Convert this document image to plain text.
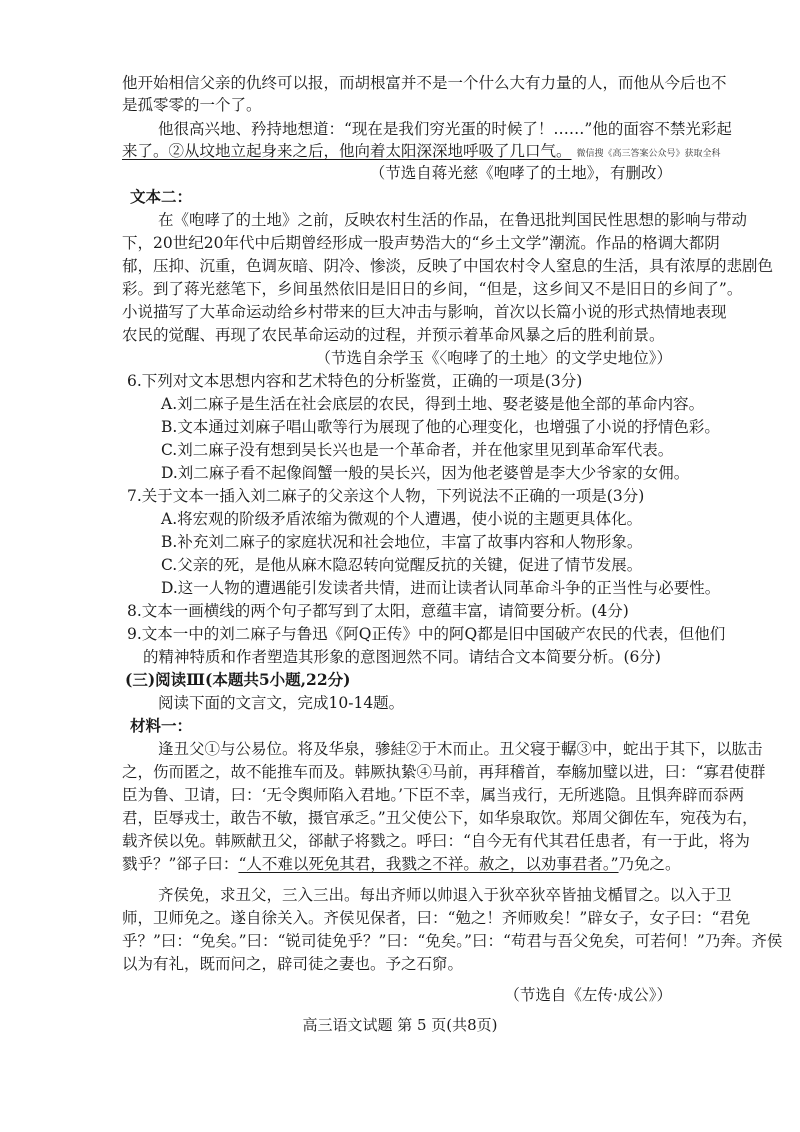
他开始相信父亲的仇终可以报，而胡根富并不是一个什么大有力量的人，而他从今后也不
是孤零零的一个了。
他很高兴地、矜持地想道：“现在是我们穷光蛋的时候了！……”他的面容不禁光彩起
来了。②从坟地立起身来之后，他向着太阳深深地呼吸了几口气。 微信搜《高三答案公众号》获取全科
（节选自蒋光慈《咆哮了的土地》，有删改）
文本二：
在《咆哮了的土地》之前，反映农村生活的作品，在鲁迅批判国民性思想的影响与带动
下，20世纪20年代中后期曾经形成一股声势浩大的“乡土文学”潮流。作品的格调大都阴
郁，压抑、沉重，色调灰暗、阴冷、惨淡，反映了中国农村令人窒息的生活，具有浓厚的悲剧色
彩。到了蒋光慈笔下，乡间虽然依旧是旧日的乡间，“但是，这乡间又不是旧日的乡间了”。
小说描写了大革命运动给乡村带来的巨大冲击与影响，首次以长篇小说的形式热情地表现
农民的觉醒、再现了农民革命运动的过程，并预示着革命风暴之后的胜利前景。
（节选自余学玉《〈咆哮了的土地〉的文学史地位》）
6.下列对文本思想内容和艺术特色的分析鉴赏，正确的一项是(3分)
A.刘二麻子是生活在社会底层的农民，得到土地、娶老婆是他全部的革命内容。
B.文本通过刘麻子唱山歌等行为展现了他的心理变化，也增强了小说的抒情色彩。
C.刘二麻子没有想到吴长兴也是一个革命者，并在他家里见到革命军代表。
D.刘二麻子看不起像阎蟹一般的吴长兴，因为他老婆曾是李大少爷家的女佣。
7.关于文本一插入刘二麻子的父亲这个人物，下列说法不正确的一项是(3分)
A.将宏观的阶级矛盾浓缩为微观的个人遭遇，使小说的主题更具体化。
B.补充刘二麻子的家庭状况和社会地位，丰富了故事内容和人物形象。
C.父亲的死，是他从麻木隐忍转向觉醒反抗的关键，促进了情节发展。
D.这一人物的遭遇能引发读者共情，进而让读者认同革命斗争的正当性与必要性。
8.文本一画横线的两个句子都写到了太阳，意蕴丰富，请简要分析。(4分)
9.文本一中的刘二麻子与鲁迅《阿Q正传》中的阿Q都是旧中国破产农民的代表，但他们
的精神特质和作者塑造其形象的意图迥然不同。请结合文本简要分析。(6分)
(三)阅读Ⅲ(本题共5小题,22分)
阅读下面的文言文，完成10-14题。
材料一：
逢丑父①与公易位。将及华泉，骖絓②于木而止。丑父寝于轏③中，蛇出于其下，以肱击
之，伤而匿之，故不能推车而及。韩厥执絷④马前，再拜稽首，奉觞加璧以进，曰：“寡君使群
臣为鲁、卫请，曰：‘无令舆师陷入君地。’下臣不幸，属当戎行，无所逃隐。且惧奔辟而忝两
君，臣辱戎士，敢告不敏，摄官承乏。”丑父使公下，如华泉取饮。郑周父御佐车，宛茷为右，
载齐侯以免。韩厥献丑父，郤献子将戮之。呼曰：“自今无有代其君任患者，有一于此，将为
戮乎？”郤子曰：“人不难以死免其君，我戮之不祥。赦之，以劝事君者。”乃免之。
齐侯免，求丑父，三入三出。每出齐师以帅退入于狄卒狄卒皆抽戈楯冒之。以入于卫
师，卫师免之。遂自徐关入。齐侯见保者，曰：“勉之！齐师败矣！”辟女子，女子曰：“君免
乎？”曰：“免矣。”曰：“锐司徒免乎？”曰：“免矣。”曰：“苟君与吾父免矣，可若何！”乃奔。齐侯
以为有礼，既而问之，辟司徒之妻也。予之石窌。
（节选自《左传·成公》）
高三语文试题 第 5 页(共8页)
